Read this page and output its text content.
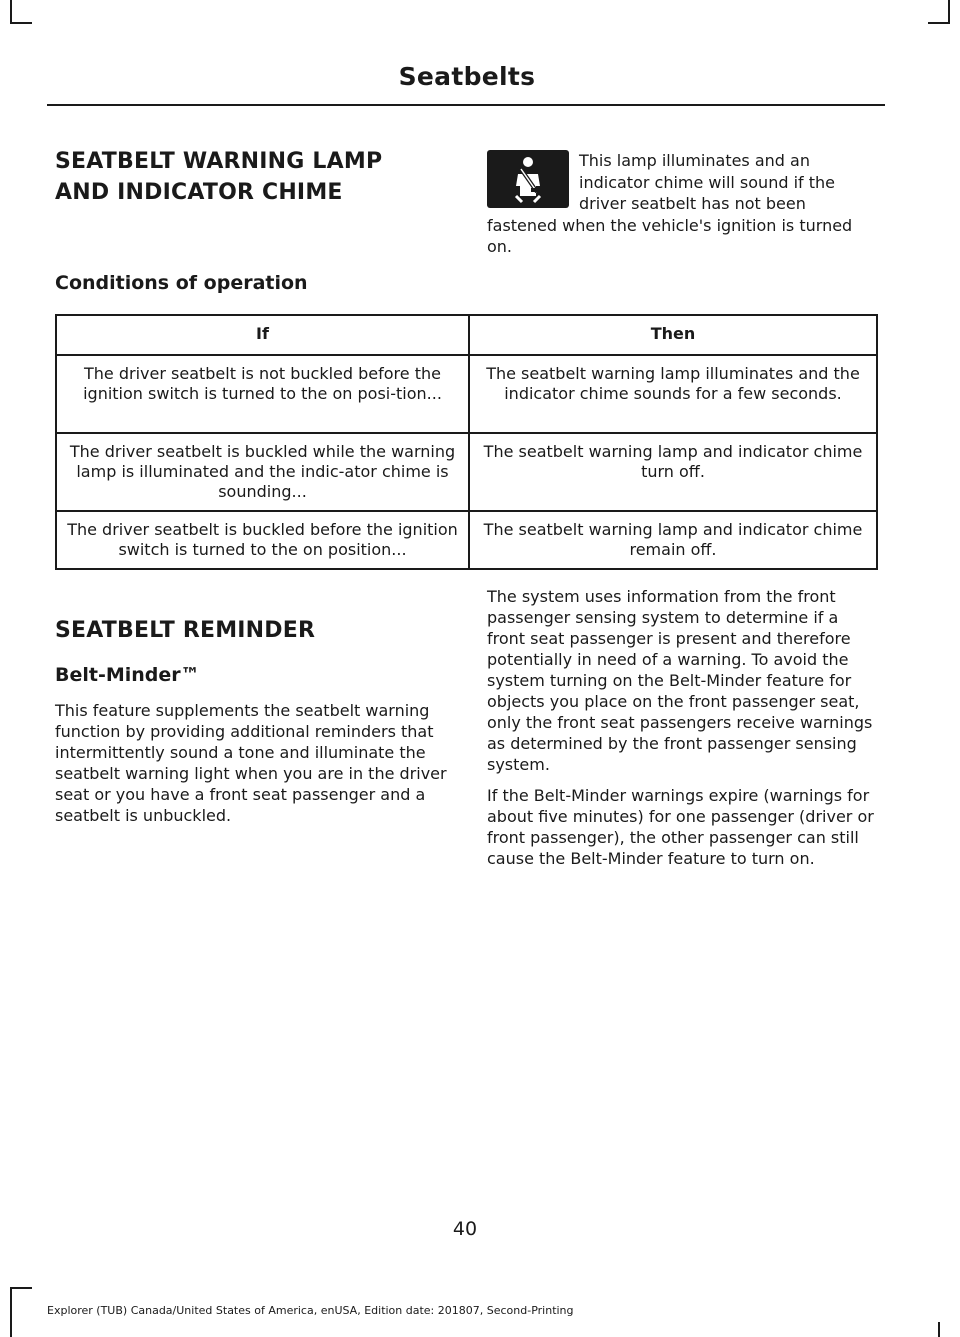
Seatbelts
SEATBELT WARNING LAMP
AND INDICATOR CHIME
This lamp illuminates and an indicator chime will sound if the driver seatbelt has not been fastened when the vehicle's ignition is turned on.
Conditions of operation
If	Then
The driver seatbelt is not buckled before the ignition switch is turned to the on posi-tion...	The seatbelt warning lamp illuminates and the indicator chime sounds for a few seconds.
The driver seatbelt is buckled while the warning lamp is illuminated and the indic-ator chime is sounding...	The seatbelt warning lamp and indicator chime turn off.
The driver seatbelt is buckled before the ignition switch is turned to the on position...	The seatbelt warning lamp and indicator chime remain off.
SEATBELT REMINDER
Belt-Minder™
This feature supplements the seatbelt warning function by providing additional reminders that intermittently sound a tone and illuminate the seatbelt warning light when you are in the driver seat or you have a front seat passenger and a seatbelt is unbuckled.

The system uses information from the front passenger sensing system to determine if a front seat passenger is present and therefore potentially in need of a warning. To avoid the system turning on the Belt-Minder feature for objects you place on the front passenger seat, only the front seat passengers receive warnings as determined by the front passenger sensing system.

If the Belt-Minder warnings expire (warnings for about five minutes) for one passenger (driver or front passenger), the other passenger can still cause the Belt-Minder feature to turn on.

40
Explorer (TUB) Canada/United States of America, enUSA, Edition date: 201807, Second-Printing
